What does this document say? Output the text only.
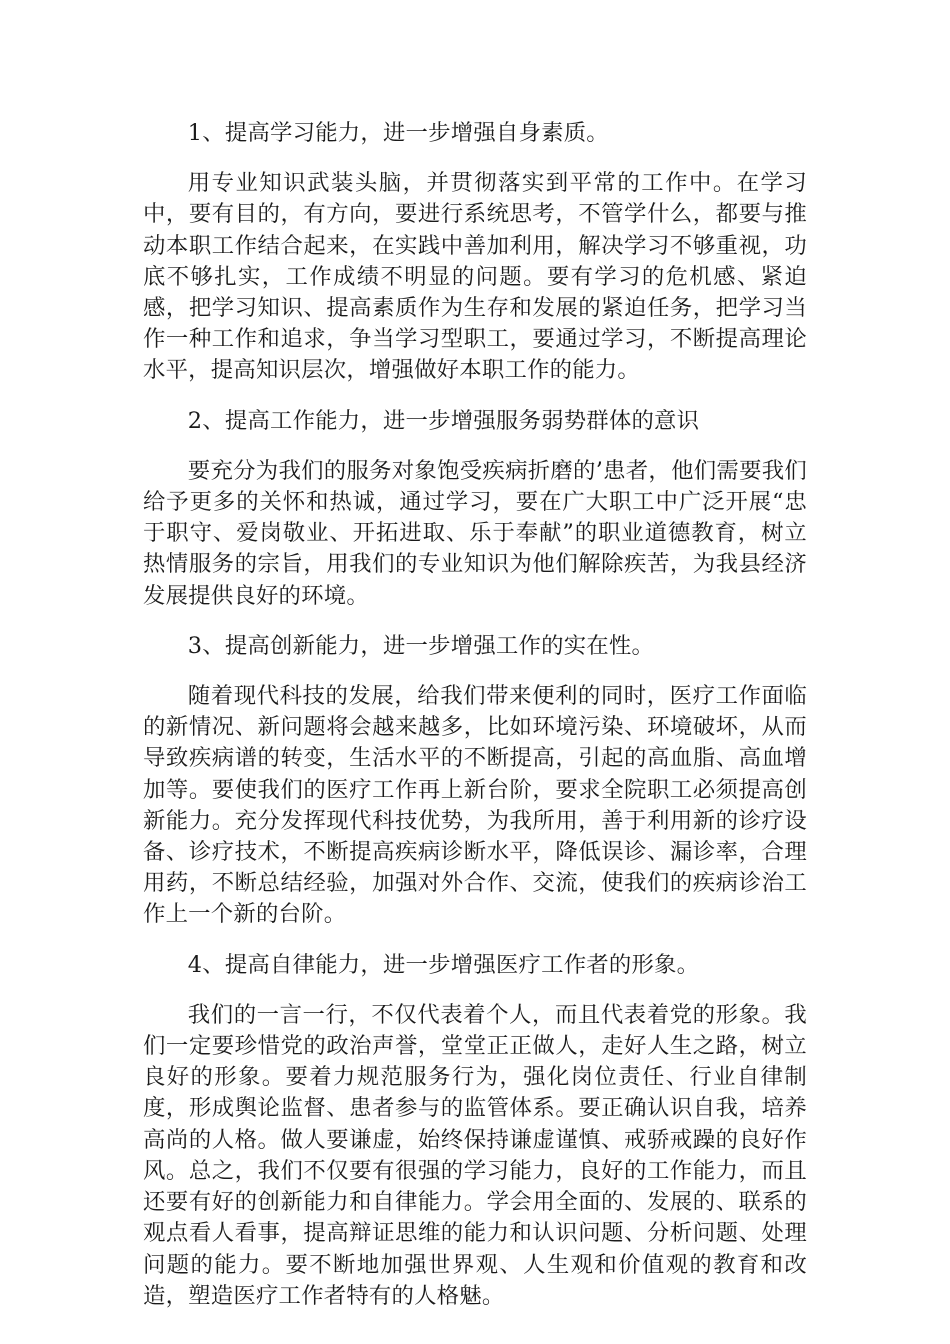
1、提高学习能力，进一步增强自身素质。

用专业知识武装头脑，并贯彻落实到平常的工作中。在学习中，要有目的，有方向，要进行系统思考，不管学什么，都要与推动本职工作结合起来，在实践中善加利用，解决学习不够重视，功底不够扎实，工作成绩不明显的问题。要有学习的危机感、紧迫感，把学习知识、提高素质作为生存和发展的紧迫任务，把学习当作一种工作和追求，争当学习型职工，要通过学习，不断提高理论水平，提高知识层次，增强做好本职工作的能力。

2、提高工作能力，进一步增强服务弱势群体的意识

要充分为我们的服务对象饱受疾病折磨的’患者，他们需要我们给予更多的关怀和热诚，通过学习，要在广大职工中广泛开展“忠于职守、爱岗敬业、开拓进取、乐于奉献”的职业道德教育，树立热情服务的宗旨，用我们的专业知识为他们解除疾苦，为我县经济发展提供良好的环境。

3、提高创新能力，进一步增强工作的实在性。

随着现代科技的发展，给我们带来便利的同时，医疗工作面临的新情况、新问题将会越来越多，比如环境污染、环境破坏，从而导致疾病谱的转变，生活水平的不断提高，引起的高血脂、高血增加等。要使我们的医疗工作再上新台阶，要求全院职工必须提高创新能力。充分发挥现代科技优势，为我所用，善于利用新的诊疗设备、诊疗技术，不断提高疾病诊断水平，降低误诊、漏诊率，合理用药，不断总结经验，加强对外合作、交流，使我们的疾病诊治工作上一个新的台阶。

4、提高自律能力，进一步增强医疗工作者的形象。

我们的一言一行，不仅代表着个人，而且代表着党的形象。我们一定要珍惜党的政治声誉，堂堂正正做人，走好人生之路，树立良好的形象。要着力规范服务行为，强化岗位责任、行业自律制度，形成舆论监督、患者参与的监管体系。要正确认识自我，培养高尚的人格。做人要谦虚，始终保持谦虚谨慎、戒骄戒躁的良好作风。总之，我们不仅要有很强的学习能力，良好的工作能力，而且还要有好的创新能力和自律能力。学会用全面的、发展的、联系的观点看人看事，提高辩证思维的能力和认识问题、分析问题、处理问题的能力。要不断地加强世界观、人生观和价值观的教育和改造，塑造医疗工作者特有的人格魅。
